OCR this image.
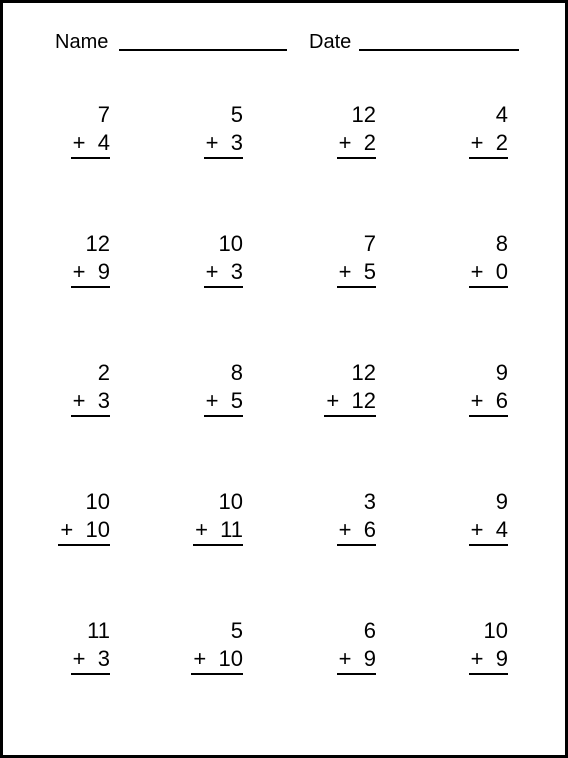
Name	Date
7
+ 4
5
+ 3
12
+ 2
4
+ 2
12
+ 9
10
+ 3
7
+ 5
8
+ 0
2
+ 3
8
+ 5
12
+ 12
9
+ 6
10
+ 10
10
+ 11
3
+ 6
9
+ 4
11
+ 3
5
+ 10
6
+ 9
10
+ 9
